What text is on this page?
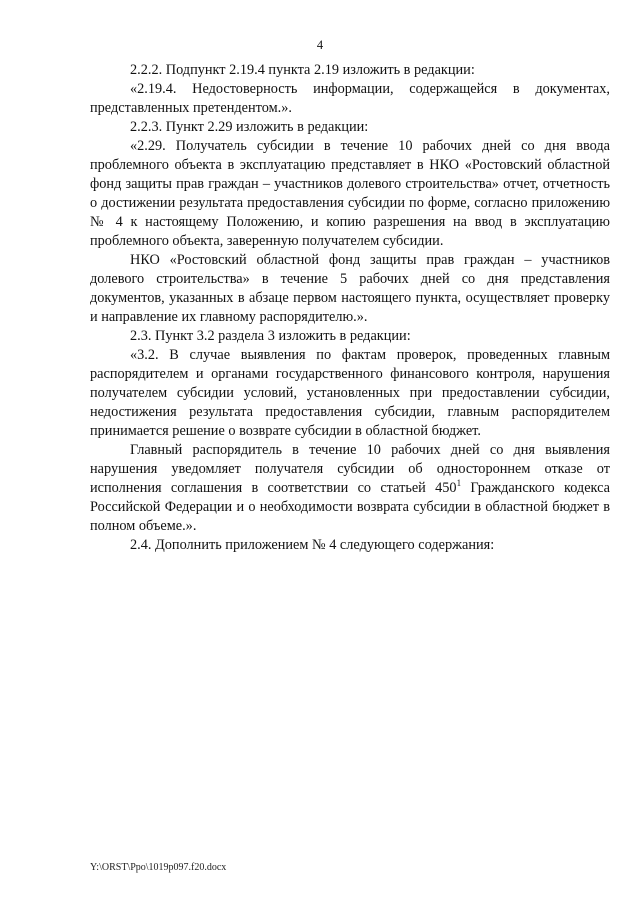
4

2.2.2. Подпункт 2.19.4 пункта 2.19 изложить в редакции:

«2.19.4. Недостоверность информации, содержащейся в документах, представленных претендентом.».

2.2.3. Пункт 2.29 изложить в редакции:

«2.29. Получатель субсидии в течение 10 рабочих дней со дня ввода проблемного объекта в эксплуатацию представляет в НКО «Ростовский областной фонд защиты прав граждан – участников долевого строительства» отчет, отчетность о достижении результата предоставления субсидии по форме, согласно приложению № 4 к настоящему Положению, и копию разрешения на ввод в эксплуатацию проблемного объекта, заверенную получателем субсидии.

НКО «Ростовский областной фонд защиты прав граждан – участников долевого строительства» в течение 5 рабочих дней со дня представления документов, указанных в абзаце первом настоящего пункта, осуществляет проверку и направление их главному распорядителю.».

2.3. Пункт 3.2 раздела 3 изложить в редакции:

«3.2. В случае выявления по фактам проверок, проведенных главным распорядителем и органами государственного финансового контроля, нарушения получателем субсидии условий, установленных при предоставлении субсидии, недостижения результата предоставления субсидии, главным распорядителем принимается решение о возврате субсидии в областной бюджет.

Главный распорядитель в течение 10 рабочих дней со дня выявления нарушения уведомляет получателя субсидии об одностороннем отказе от исполнения соглашения в соответствии со статьей $450^1$ Гражданского кодекса Российской Федерации и о необходимости возврата субсидии в областной бюджет в полном объеме.».

2.4. Дополнить приложением № 4 следующего содержания:

Y:\ORST\Ppo\1019p097.f20.docx
